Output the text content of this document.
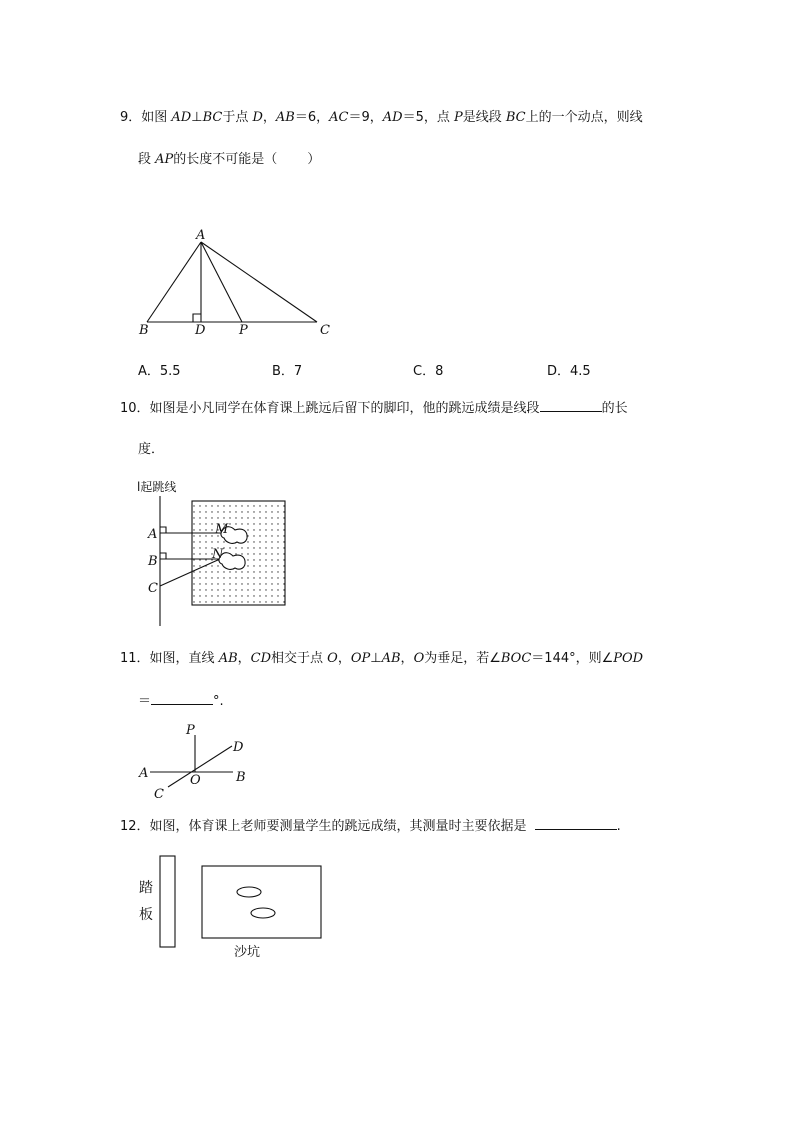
9．如图 AD⊥BC于点 D，AB＝6，AC＝9，AD＝5，点 P是线段 BC上的一个动点，则线
段 AP的长度不可能是（ ）
A
B	D	P	C
A．5.5	B．7	C．8	D．4.5
10．如图是小凡同学在体育课上跳远后留下的脚印，他的跳远成绩是线段	的长
度．
l起跳线
A
B
C
M
N
11．如图，直线 AB，CD相交于点 O，OP⊥AB，O为垂足，若∠BOC＝144°，则∠POD
＝	°.
P
D
A	O	B
C
12．如图，体育课上老师要测量学生的跳远成绩，其测量时主要依据是	.
踏
板
沙坑
